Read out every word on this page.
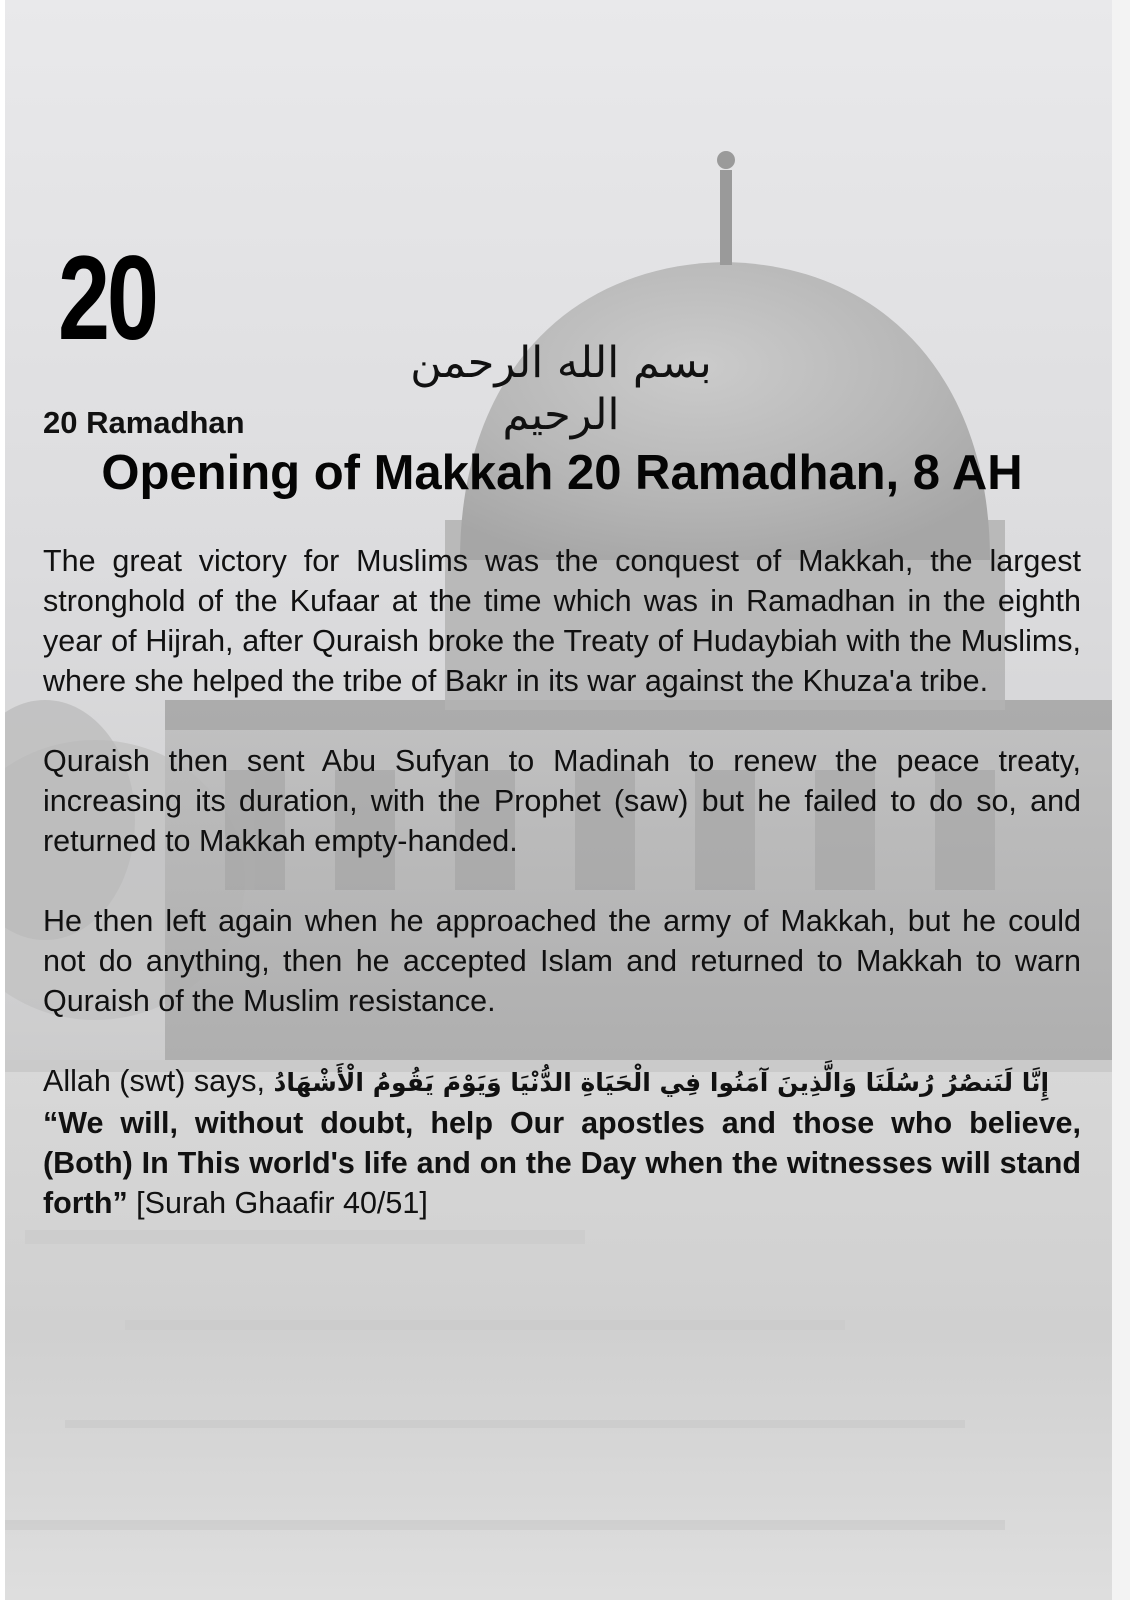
20	بسم الله الرحمن الرحيم
20 Ramadhan
Opening of Makkah 20 Ramadhan, 8 AH

The great victory for Muslims was the conquest of Makkah, the largest stronghold of the Kufaar at the time which was in Ramadhan in the eighth year of Hijrah, after Quraish broke the Treaty of Hudaybiah with the Muslims, where she helped the tribe of Bakr in its war against the Khuza'a tribe.

Quraish then sent Abu Sufyan to Madinah to renew the peace treaty, increasing its duration, with the Prophet (saw) but he failed to do so, and returned to Makkah empty-handed.

He then left again when he approached the army of Makkah, but he could not do anything, then he accepted Islam and returned to Makkah to warn Quraish of the Muslim resistance.

Allah (swt) says, إِنَّا لَنَنصُرُ رُسُلَنَا وَالَّذِينَ آمَنُوا فِي الْحَيَاةِ الدُّنْيَا وَيَوْمَ يَقُومُ الْأَشْهَادُ
“We will, without doubt, help Our apostles and those who believe, (Both) In This world's life and on the Day when the witnesses will stand forth” [Surah Ghaafir 40/51]
